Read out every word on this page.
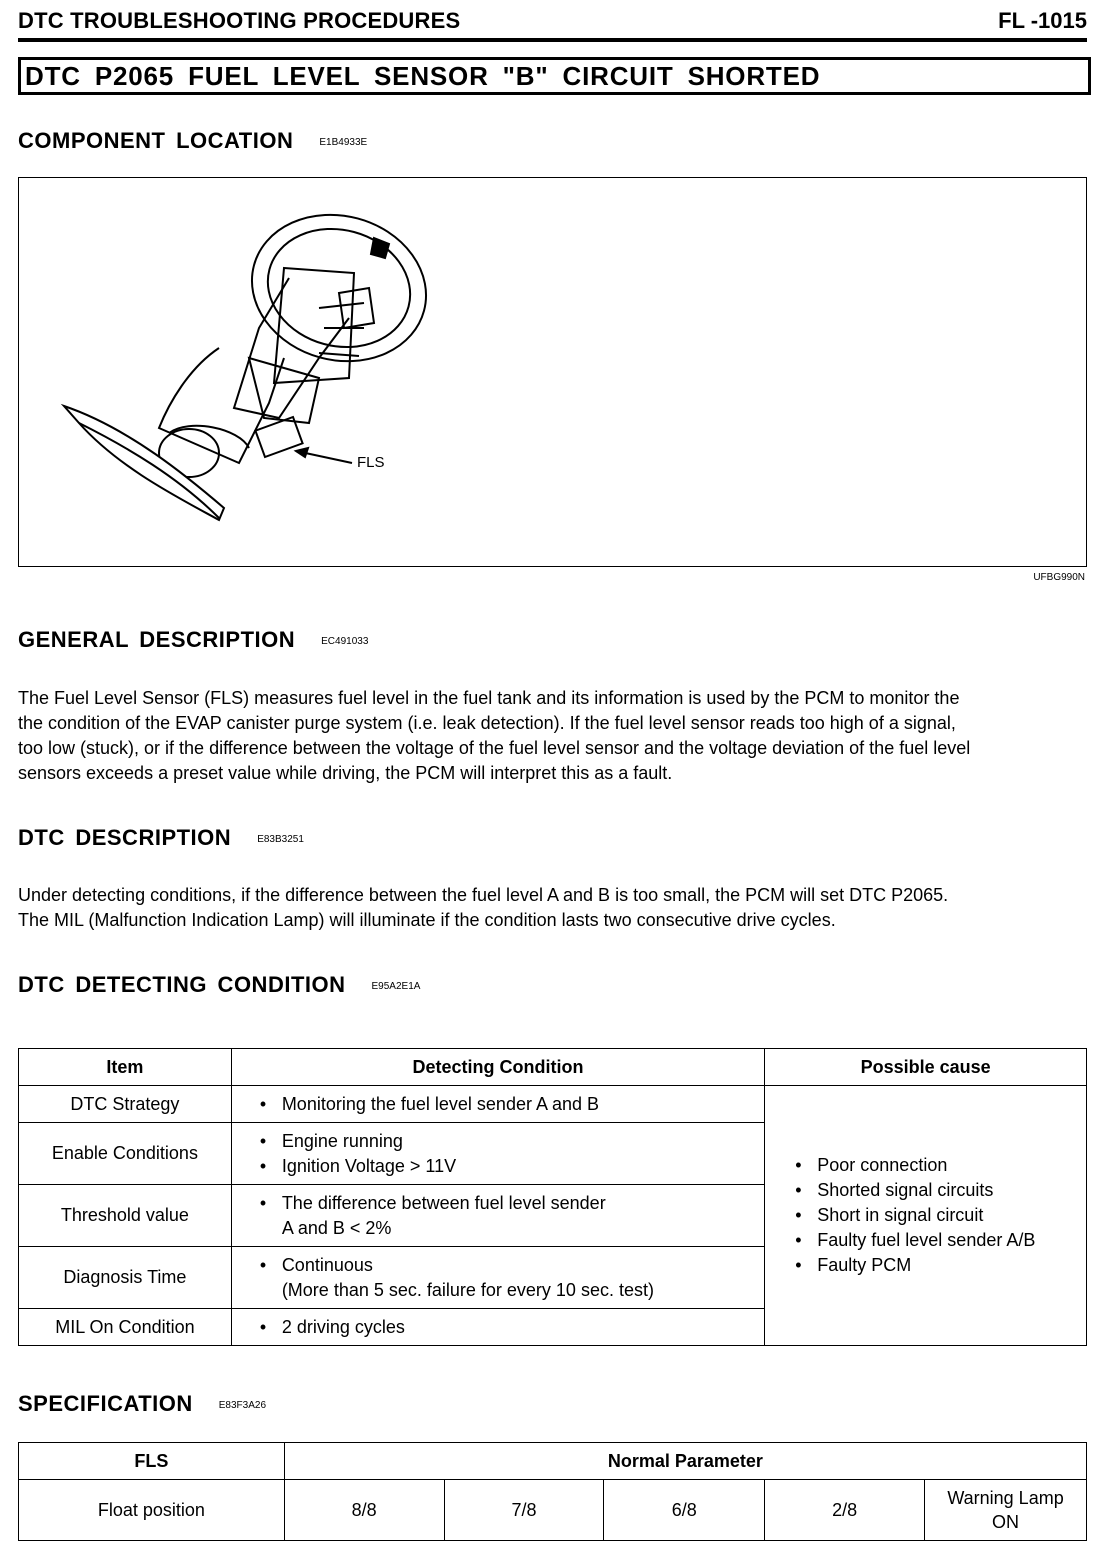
DTC TROUBLESHOOTING PROCEDURES	FL -1015
DTC P2065 FUEL LEVEL SENSOR "B" CIRCUIT SHORTED
COMPONENT LOCATION	E1B4933E
FLS
UFBG990N
GENERAL DESCRIPTION	EC491033
The Fuel Level Sensor (FLS) measures fuel level in the fuel tank and its information is used by the PCM to monitor the
the condition of the EVAP canister purge system (i.e. leak detection). If the fuel level sensor reads too high of a signal,
too low (stuck), or if the difference between the voltage of the fuel level sensor and the voltage deviation of the fuel level
sensors exceeds a preset value while driving, the PCM will interpret this as a fault.
DTC DESCRIPTION	E83B3251
Under detecting conditions, if the difference between the fuel level A and B is too small, the PCM will set DTC P2065.
The MIL (Malfunction Indication Lamp) will illuminate if the condition lasts two consecutive drive cycles.
DTC DETECTING CONDITION	E95A2E1A
Item	Detecting Condition	Possible cause
DTC Strategy	• Monitoring the fuel level sender A and B	• Poor connection
• Shorted signal circuits
• Short in signal circuit
• Faulty fuel level sender A/B
• Faulty PCM

Enable Conditions	• Engine running
• Ignition Voltage > 11V

Threshold value	• The difference between fuel level sender
A and B < 2%

Diagnosis Time	• Continuous
(More than 5 sec. failure for every 10 sec. test)

MIL On Condition	• 2 driving cycles
SPECIFICATION	E83F3A26
FLS	Normal Parameter				
Float position	8/8	7/8	6/8	2/8	Warning Lamp
ON
